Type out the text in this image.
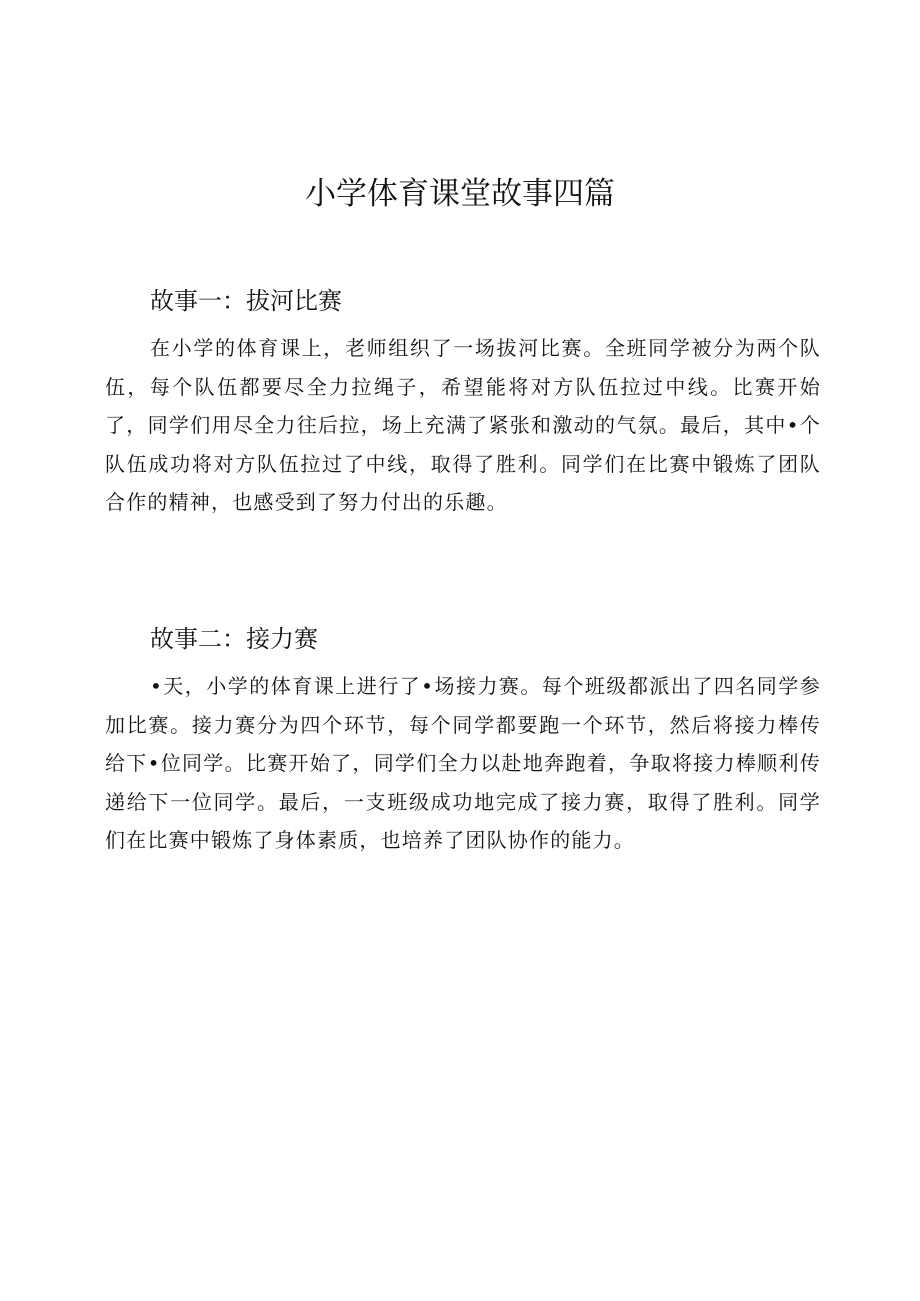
小学体育课堂故事四篇
故事一：拔河比赛

在小学的体育课上，老师组织了一场拔河比赛。全班同学被分为两个队伍，每个队伍都要尽全力拉绳子，希望能将对方队伍拉过中线。比赛开始了，同学们用尽全力往后拉，场上充满了紧张和激动的气氛。最后，其中•个队伍成功将对方队伍拉过了中线，取得了胜利。同学们在比赛中锻炼了团队合作的精神，也感受到了努力付出的乐趣。

故事二：接力赛

•天，小学的体育课上进行了•场接力赛。每个班级都派出了四名同学参加比赛。接力赛分为四个环节，每个同学都要跑一个环节，然后将接力棒传给下•位同学。比赛开始了，同学们全力以赴地奔跑着，争取将接力棒顺利传递给下一位同学。最后，一支班级成功地完成了接力赛，取得了胜利。同学们在比赛中锻炼了身体素质，也培养了团队协作的能力。
